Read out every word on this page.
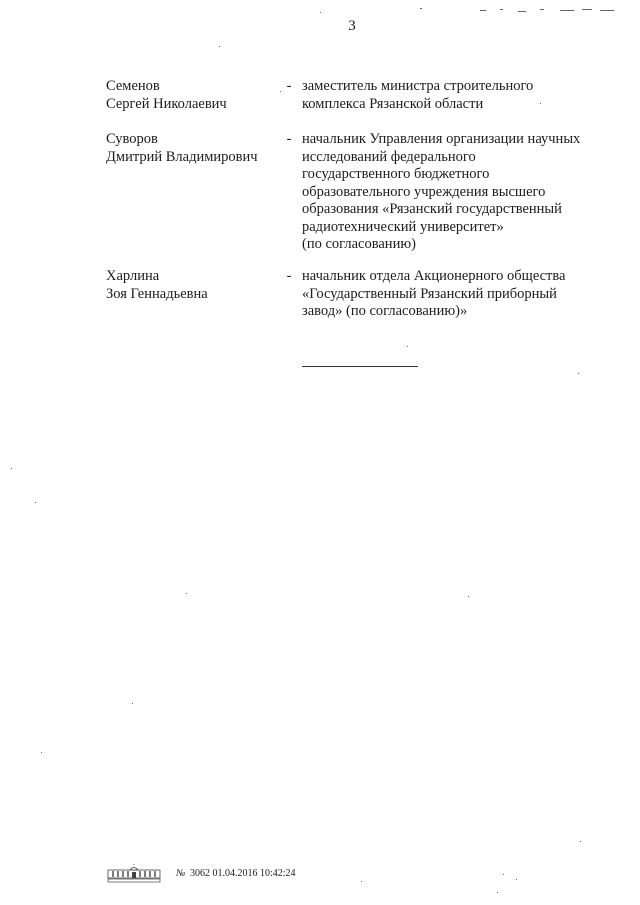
3
Семенов
Сергей Николаевич
- заместитель министра строительного
комплекса Рязанской области
Суворов
Дмитрий Владимирович
- начальник Управления организации научных
исследований федерального
государственного бюджетного
образовательного учреждения высшего
образования «Рязанский государственный
радиотехнический университет»
(по согласованию)
Харлина
Зоя Геннадьевна
- начальник отдела Акционерного общества
«Государственный Рязанский приборный
завод» (по согласованию)»
№ 3062 01.04.2016 10:42:24
